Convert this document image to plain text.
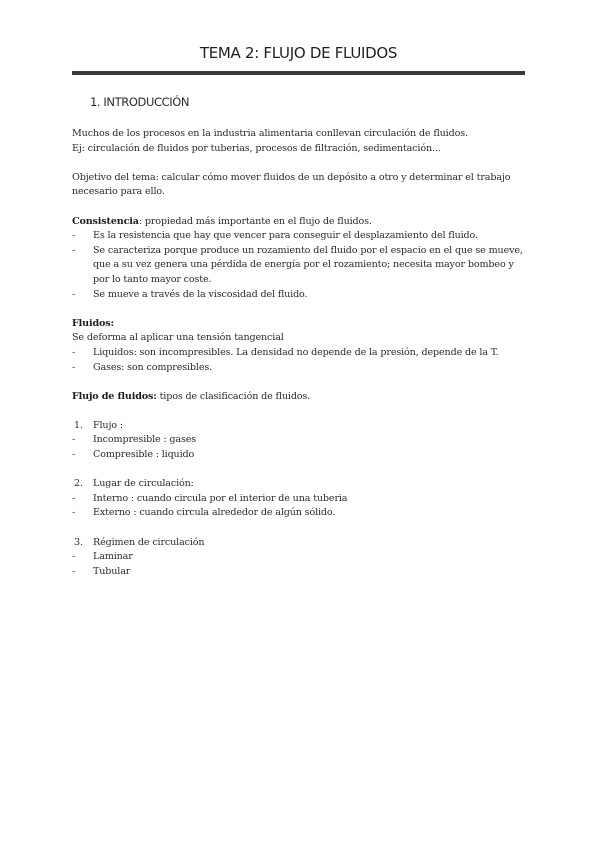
TEMA 2: FLUJO DE FLUIDOS
1. INTRODUCCIÓN

Muchos de los procesos en la industria alimentaria conllevan circulación de fluidos.

Ej: circulación de fluidos por tuberias, procesos de filtración, sedimentación...

Objetivo del tema: calcular cómo mover fluidos de un depósito a otro y determinar el trabajo necesario para ello.

Consistencia: propiedad más importante en el flujo de fluidos.

- Es la resistencia que hay que vencer para conseguir el desplazamiento del fluido.
- Se caracteriza porque produce un rozamiento del fluido por el espacio en el que se mueve, que a su vez genera una pérdida de energía por el rozamiento; necesita mayor bombeo y por lo tanto mayor coste.
- Se mueve a través de la viscosidad del fluido.

Fluidos:

Se deforma al aplicar una tensión tangencial

- Liquidos: son incompresibles. La densidad no depende de la presión, depende de la T.
- Gases: son compresibles.

Flujo de fluidos: tipos de clasificación de fluidos.

1. Flujo :
- Incompresible : gases
- Compresible : liquido
2. Lugar de circulación:
- Interno : cuando circula por el interior de una tuberia
- Externo : cuando circula alrededor de algún sólido.
3. Régimen de circulación
- Laminar
- Tubular
